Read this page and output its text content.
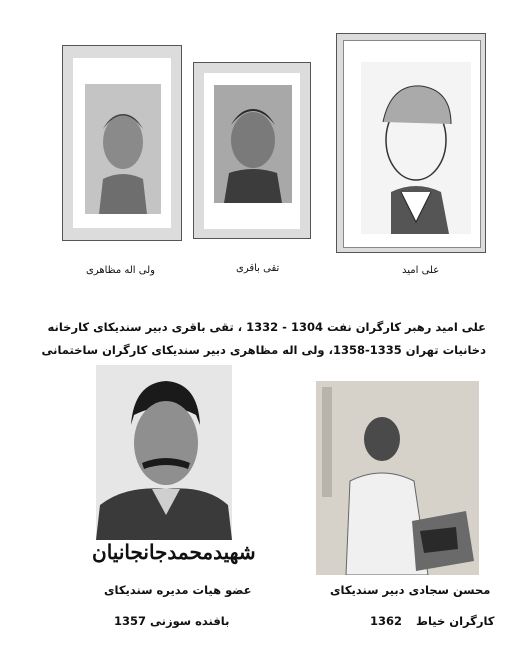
علی امید
تقی باقری
ولی اله مظاهری
علی امید رهبر کارگران نفت 1304 - 1332 ، تقی باقری دبیر سندیکای کارخانه
دخانیات تهران 1335-1358، ولی اله مظاهری دبیر سندیکای کارگران ساختمانی
شهیدمحمدجانجانیان
عضو هیات مدیره سندیکای
بافنده سوزنی 1357
محسن سجادی دبیر سندیکای
کارگران خیاط
1362
